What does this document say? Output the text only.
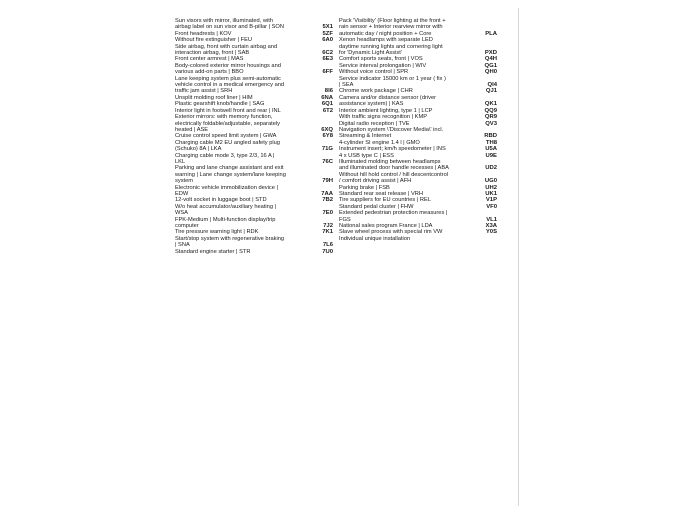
Sun visors with mirror, illuminated, with
airbag label on sun visor and B-pillar | SON	5X1
Front headrests | KOV	5ZF
Without fire extinguisher | FEU	6A0
Side airbag, front with curtain airbag and
interaction airbag, front | SAB	6C2
Front center armrest | MAS	6E3
Body-colored exterior mirror housings and
various add-on parts | BBO	6FF
Lane keeping system plus semi-automatic
vehicle control in a medical emergency and
traffic jam assist | SRH	8I6
Unsplit molding roof liner | HIM	6NA
Plastic gearshift knob/handle | SAG	6Q1
Interior light in footwell front and rear | INL	6T2
Exterior mirrors: with memory function,
electrically foldable/adjustable, separately
heated | ASE	6XQ
Cruise control speed limit system | GWA	6Y8
Charging cable M2 EU angled safety plug
(Schuko) 8A | LKA	71G
Charging cable mode 3, type 2/3, 16 A |
LKL	76C
Parking and lane change assistant and exit
warning | Lane change system/lane keeping
system	79H
Electronic vehicle immobilization device |
EDW	7AA
12-volt socket in luggage boot | STD	7B2
W/o heat accumulator/auxiliary heating |
WSA	7E0
FPK-Medium | Multi-function display/trip
computer	7J2
Tire pressure warning light | RDK	7K1
Start/stop system with regenerative braking
| SNA	7L6
Standard engine starter | STR	7U0
Pack 'Visibility' (Floor lighting at the front +
rain sensor + Interior rearview mirror with
automatic day / night position + Core	PLA
Xenon headlamps with separate LED
daytime running lights and cornering light
for 'Dynamic Light Assist'	PXD
Comfort sports seats, front | VOS	Q4H
Service interval prolongation | WIV	QG1
Without voice control | SPR	QH0
Service indicator 15000 km or 1 year ( fix )
| SEA	QI4
Chrome work package | CHR	QJ1
Camera and/or distance sensor (driver
assistance system) | KAS	QK1
Interior ambient lighting, type 1 | LCP	QQ9
With traffic signs recognition | KMP	QR9
Digital radio reception | TVE	QV3
Navigation system \'Discover Media\' incl.
Streaming & Internet	RBD
4-cylinder SI engine 1.4 l | GMO	TH8
Instrument insert; km/h speedometer | INS	U5A
4 x USB type C | ESS	U9E
Illuminated molding between headlamps
and illuminated door handle recesses | ABA	UD2
Without hill hold control / hill descentcontrol
/ comfort driving assist | AFH	UG0
Parking brake | FSB	UH2
Standard rear seat release | VRH	UK1
Tire suppliers for EU countries | REL	V1P
Standard pedal cluster | FHW	VF0
Extended pedestrian protection measures |
FGS	VL1
National sales program France | LDA	X3A
Slave wheel process with special rim VW	Y0S
Individual unique installation
